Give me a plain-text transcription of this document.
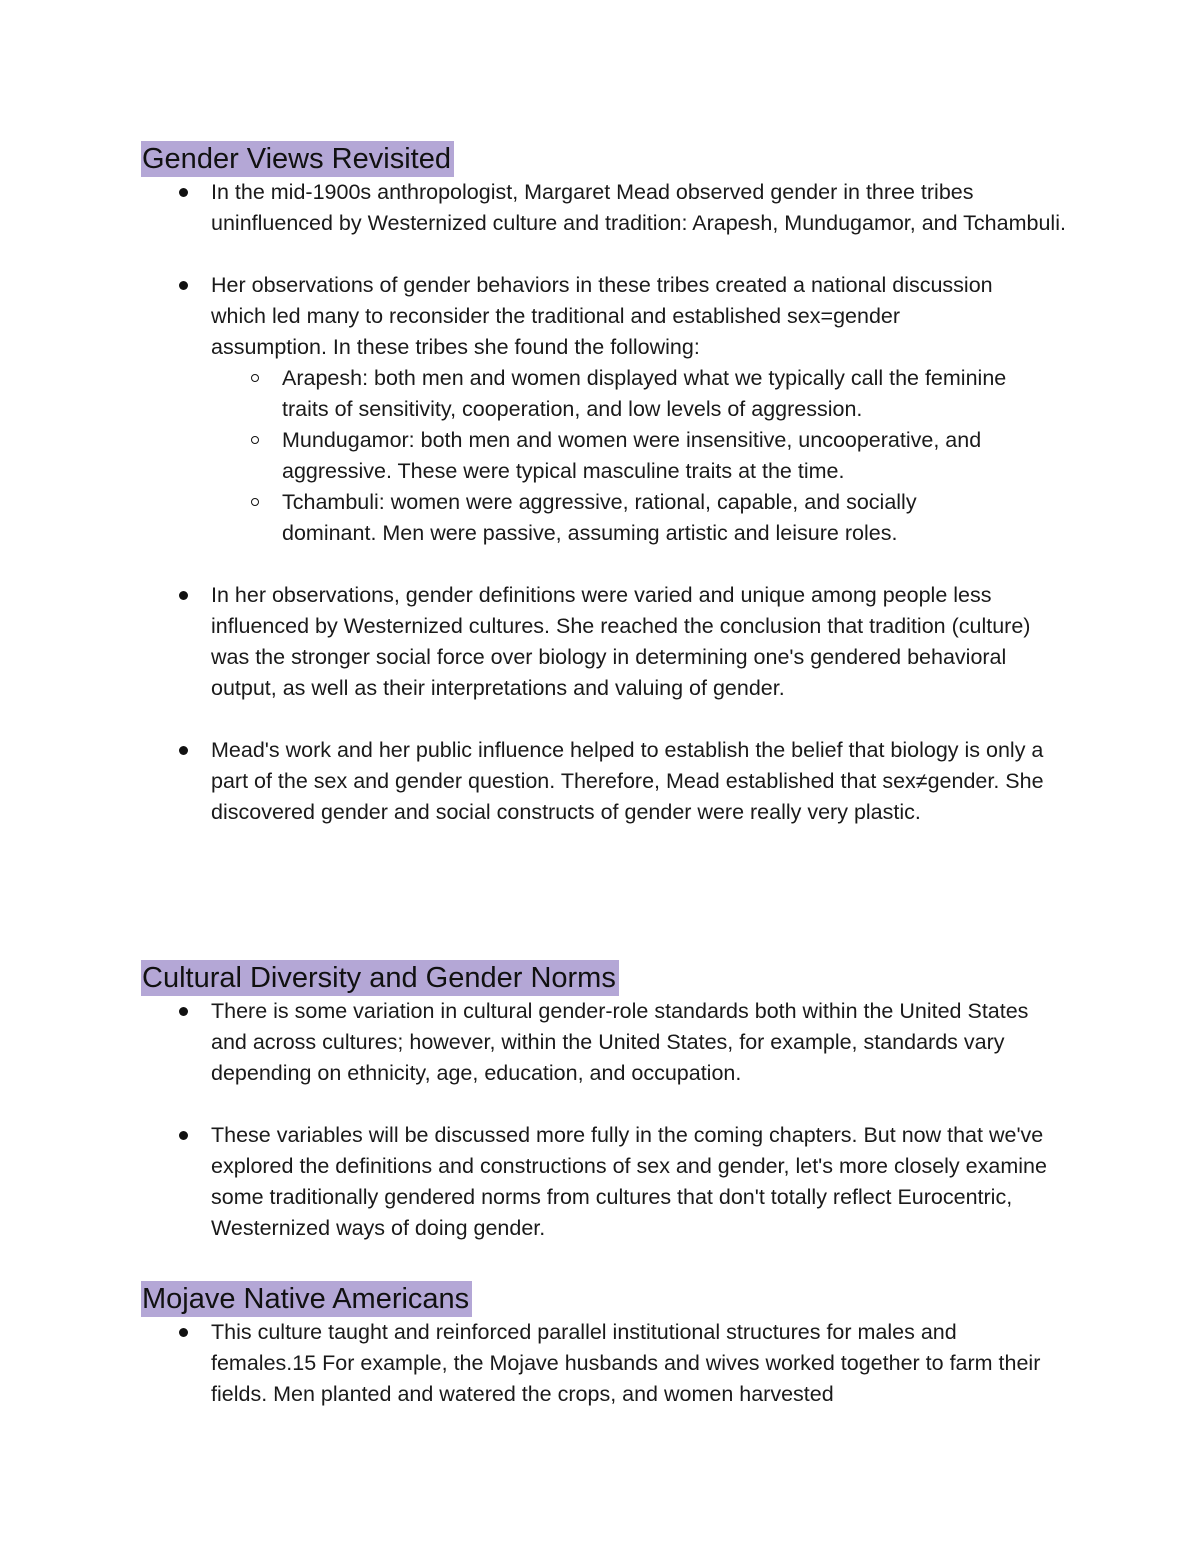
Gender Views Revisited
In the mid-1900s anthropologist, Margaret Mead observed gender in three tribes uninfluenced by Westernized culture and tradition: Arapesh, Mundugamor, and Tchambuli.
Her observations of gender behaviors in these tribes created a national discussion which led many to reconsider the traditional and established sex=gender assumption. In these tribes she found the following:
Arapesh: both men and women displayed what we typically call the feminine traits of sensitivity, cooperation, and low levels of aggression.
Mundugamor: both men and women were insensitive, uncooperative, and aggressive. These were typical masculine traits at the time.
Tchambuli: women were aggressive, rational, capable, and socially dominant. Men were passive, assuming artistic and leisure roles.
In her observations, gender definitions were varied and unique among people less influenced by Westernized cultures. She reached the conclusion that tradition (culture) was the stronger social force over biology in determining one's gendered behavioral output, as well as their interpretations and valuing of gender.
Mead's work and her public influence helped to establish the belief that biology is only a part of the sex and gender question. Therefore, Mead established that sex≠gender. She discovered gender and social constructs of gender were really very plastic.
Cultural Diversity and Gender Norms
There is some variation in cultural gender-role standards both within the United States and across cultures; however, within the United States, for example, standards vary depending on ethnicity, age, education, and occupation.
These variables will be discussed more fully in the coming chapters. But now that we've explored the definitions and constructions of sex and gender, let's more closely examine some traditionally gendered norms from cultures that don't totally reflect Eurocentric, Westernized ways of doing gender.
Mojave Native Americans
This culture taught and reinforced parallel institutional structures for males and females.15 For example, the Mojave husbands and wives worked together to farm their fields. Men planted and watered the crops, and women harvested
